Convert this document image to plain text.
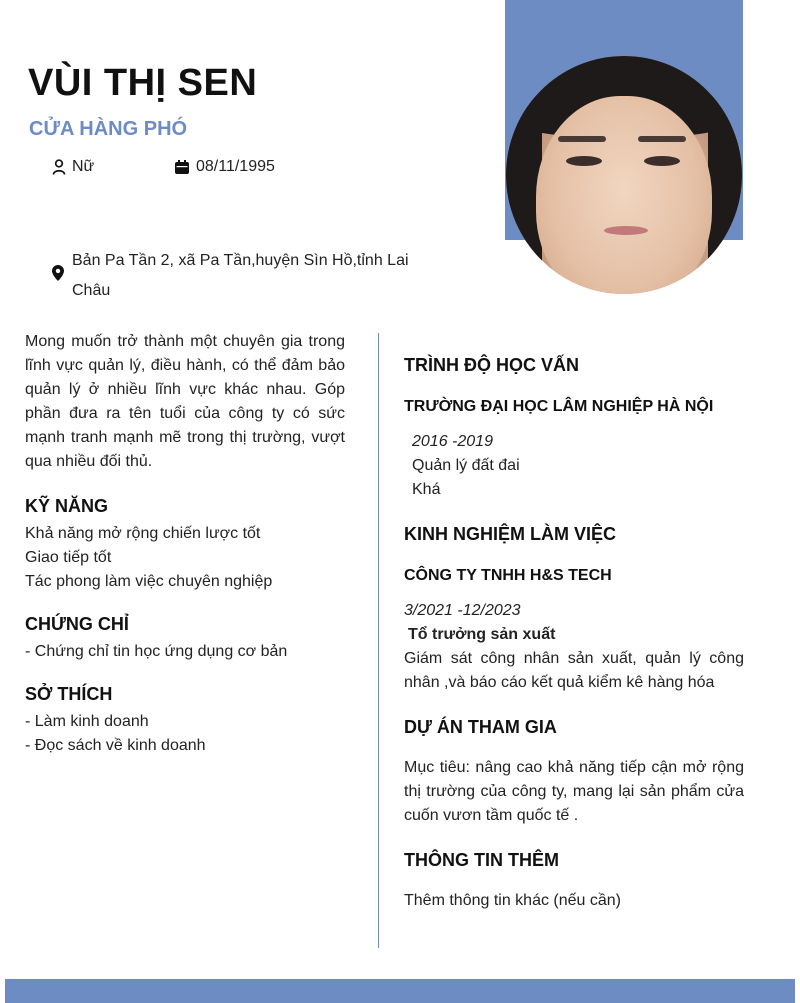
VÙI THỊ SEN
CỬA HÀNG PHÓ
Nữ	08/11/1995
Bản Pa Tần 2, xã Pa Tần,huyện Sìn Hồ,tỉnh Lai
Châu

Mong muốn trở thành một chuyên gia trong lĩnh vực quản lý, điều hành, có thể đảm bảo quản lý ở nhiều lĩnh vực khác nhau. Góp phần đưa ra tên tuổi của công ty có sức mạnh tranh mạnh mẽ trong thị trường, vượt qua nhiều đối thủ.

KỸ NĂNG
Khả năng mở rộng chiến lược tốt
Giao tiếp tốt
Tác phong làm việc chuyên nghiệp
CHỨNG CHỈ
- Chứng chỉ tin học ứng dụng cơ bản
SỞ THÍCH
- Làm kinh doanh
- Đọc sách về kinh doanh
TRÌNH ĐỘ HỌC VẤN
TRƯỜNG ĐẠI HỌC LÂM NGHIỆP HÀ NỘI
2016 -2019
Quản lý đất đai
Khá
KINH NGHIỆM LÀM VIỆC
CÔNG TY TNHH H&S TECH
3/2021 -12/2023
Tổ trưởng sản xuất
Giám sát công nhân sản xuất, quản lý công nhân ,và báo cáo kết quả kiểm kê hàng hóa
DỰ ÁN THAM GIA
Mục tiêu: nâng cao khả năng tiếp cận mở rộng thị trường của công ty, mang lại sản phẩm cửa cuốn vươn tầm quốc tế .
THÔNG TIN THÊM
Thêm thông tin khác (nếu cần)
